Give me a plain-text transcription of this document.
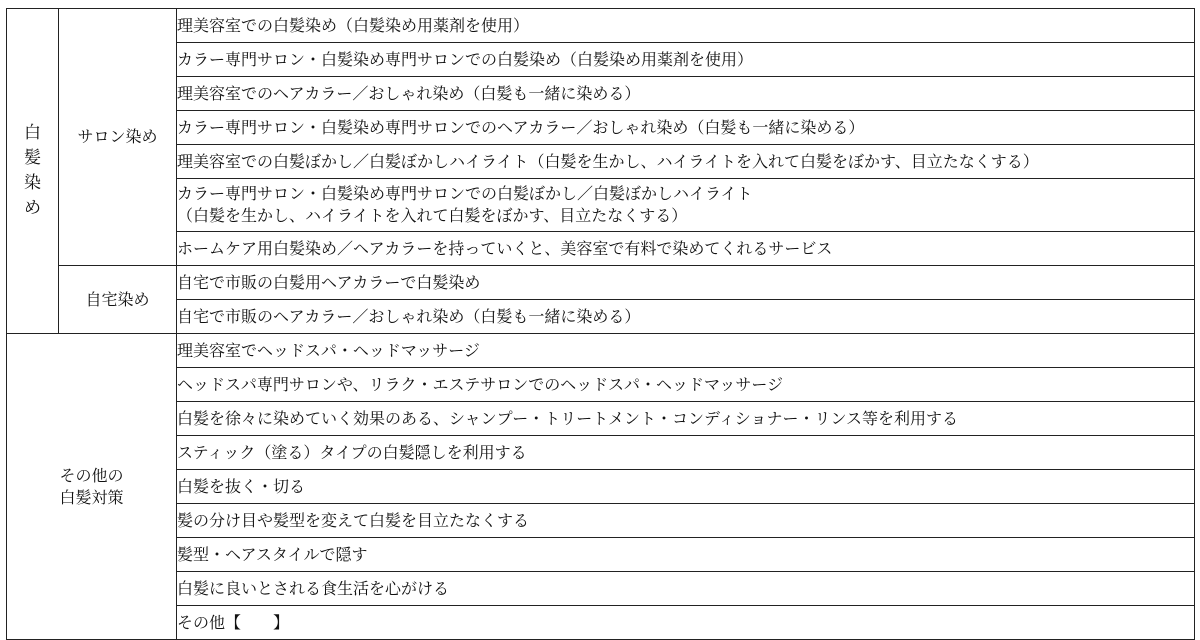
白髪染め	サロン染め	理美容室での白髪染め（白髪染め用薬剤を使用）
		カラー専門サロン・白髪染め専門サロンでの白髪染め（白髪染め用薬剤を使用）
		理美容室でのヘアカラー／おしゃれ染め（白髪も一緒に染める）
		カラー専門サロン・白髪染め専門サロンでのヘアカラー／おしゃれ染め（白髪も一緒に染める）
		理美容室での白髪ぼかし／白髪ぼかしハイライト（白髪を生かし、ハイライトを入れて白髪をぼかす、目立たなくする）
		カラー専門サロン・白髪染め専門サロンでの白髪ぼかし／白髪ぼかしハイライト
（白髪を生かし、ハイライトを入れて白髪をぼかす、目立たなくする）
		ホームケア用白髪染め／ヘアカラーを持っていくと、美容室で有料で染めてくれるサービス
	自宅染め	自宅で市販の白髪用ヘアカラーで白髪染め
		自宅で市販のヘアカラー／おしゃれ染め（白髪も一緒に染める）
その他の
白髪対策		理美容室でヘッドスパ・ヘッドマッサージ
		ヘッドスパ専門サロンや、リラク・エステサロンでのヘッドスパ・ヘッドマッサージ
		白髪を徐々に染めていく効果のある、シャンプー・トリートメント・コンディショナー・リンス等を利用する
		スティック（塗る）タイプの白髪隠しを利用する
		白髪を抜く・切る
		髪の分け目や髪型を変えて白髪を目立たなくする
		髪型・ヘアスタイルで隠す
		白髪に良いとされる食生活を心がける
		その他【　　】
